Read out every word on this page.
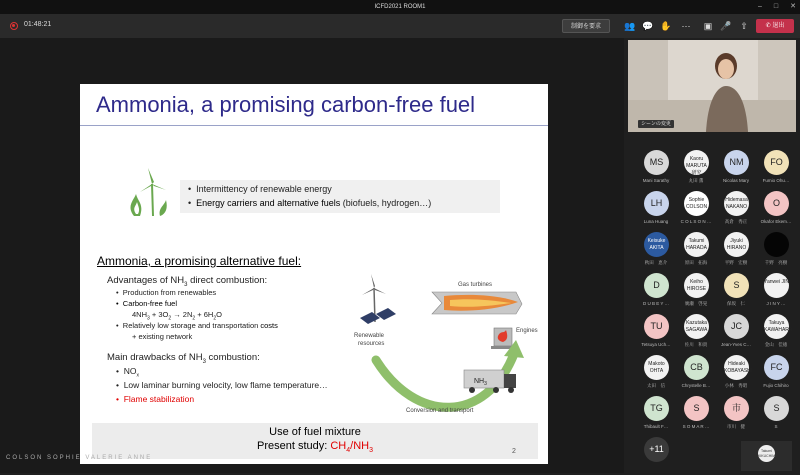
ICFD2021 ROOM1	– □ ✕
01:48:21	制御を要求	👥 💬 ✋ ⋯ ▣ 🎤 ⇧	✆ 退出
Ammonia, a promising carbon-free fuel
•  Intermittency of renewable energy
•  Energy carriers and alternative fuels (biofuels, hydrogen…)
Ammonia, a promising alternative fuel:
Advantages of $NH_3$ direct combustion:
•  Production from renewables
•  Carbon-free fuel
$4NH_3 + 3O_2 \to 2N_2 + 6H_2O$
•  Relatively low storage and transportation costs
+ existing network
Main drawbacks of $NH_3$ combustion:
•  $NO_x$
•  Low laminar burning velocity, low flame temperature…
•  Flame stabilization
Renewable
resources
Gas turbines
Engines
$NH_3$
Conversion and transport
Use of fuel mixture
Present study: $CH_4/NH_3$	2
COLSON SOPHIE VALERIE ANNE
シーンの変更
MS
Mani Sarathy
Kaoru MARUTA 研究
丸田 薫
NM
Nicolas Mary
FO
Fumio Ohu…
LH
Luna Huang
Sophie COLSON
C O L S O N …
Hidemasa NAKANO
高倉　秀正
O
Okafor Ekem…
Keisuke AKITA
秋田　恵介
Takumi HARADA
原田　拓海
Jiyuki HIRANO
平野　宏樹	千野　亮樹
D
D U B E Y …
Keiho HIROSE
廣瀬　啓晃
S
保坂　仁
Yanwei JIN
J I N Y …
TU
Tetsuya Uch…
Kazutaka SAGAWA
佐川　和貴
JC
Jean-Yves C…
Takuya KAWAHARA
金山　佳徳
Makoto OHTA
太田　信
CB
Chrystelle B…
Hideaki KOBAYASHI
小林　秀昭
FC
Fujio Chihiro
TG
Thibault F…
S
S O M A R …
市
市川　健
S
S
+11	Takumi KIKUCHIMA
